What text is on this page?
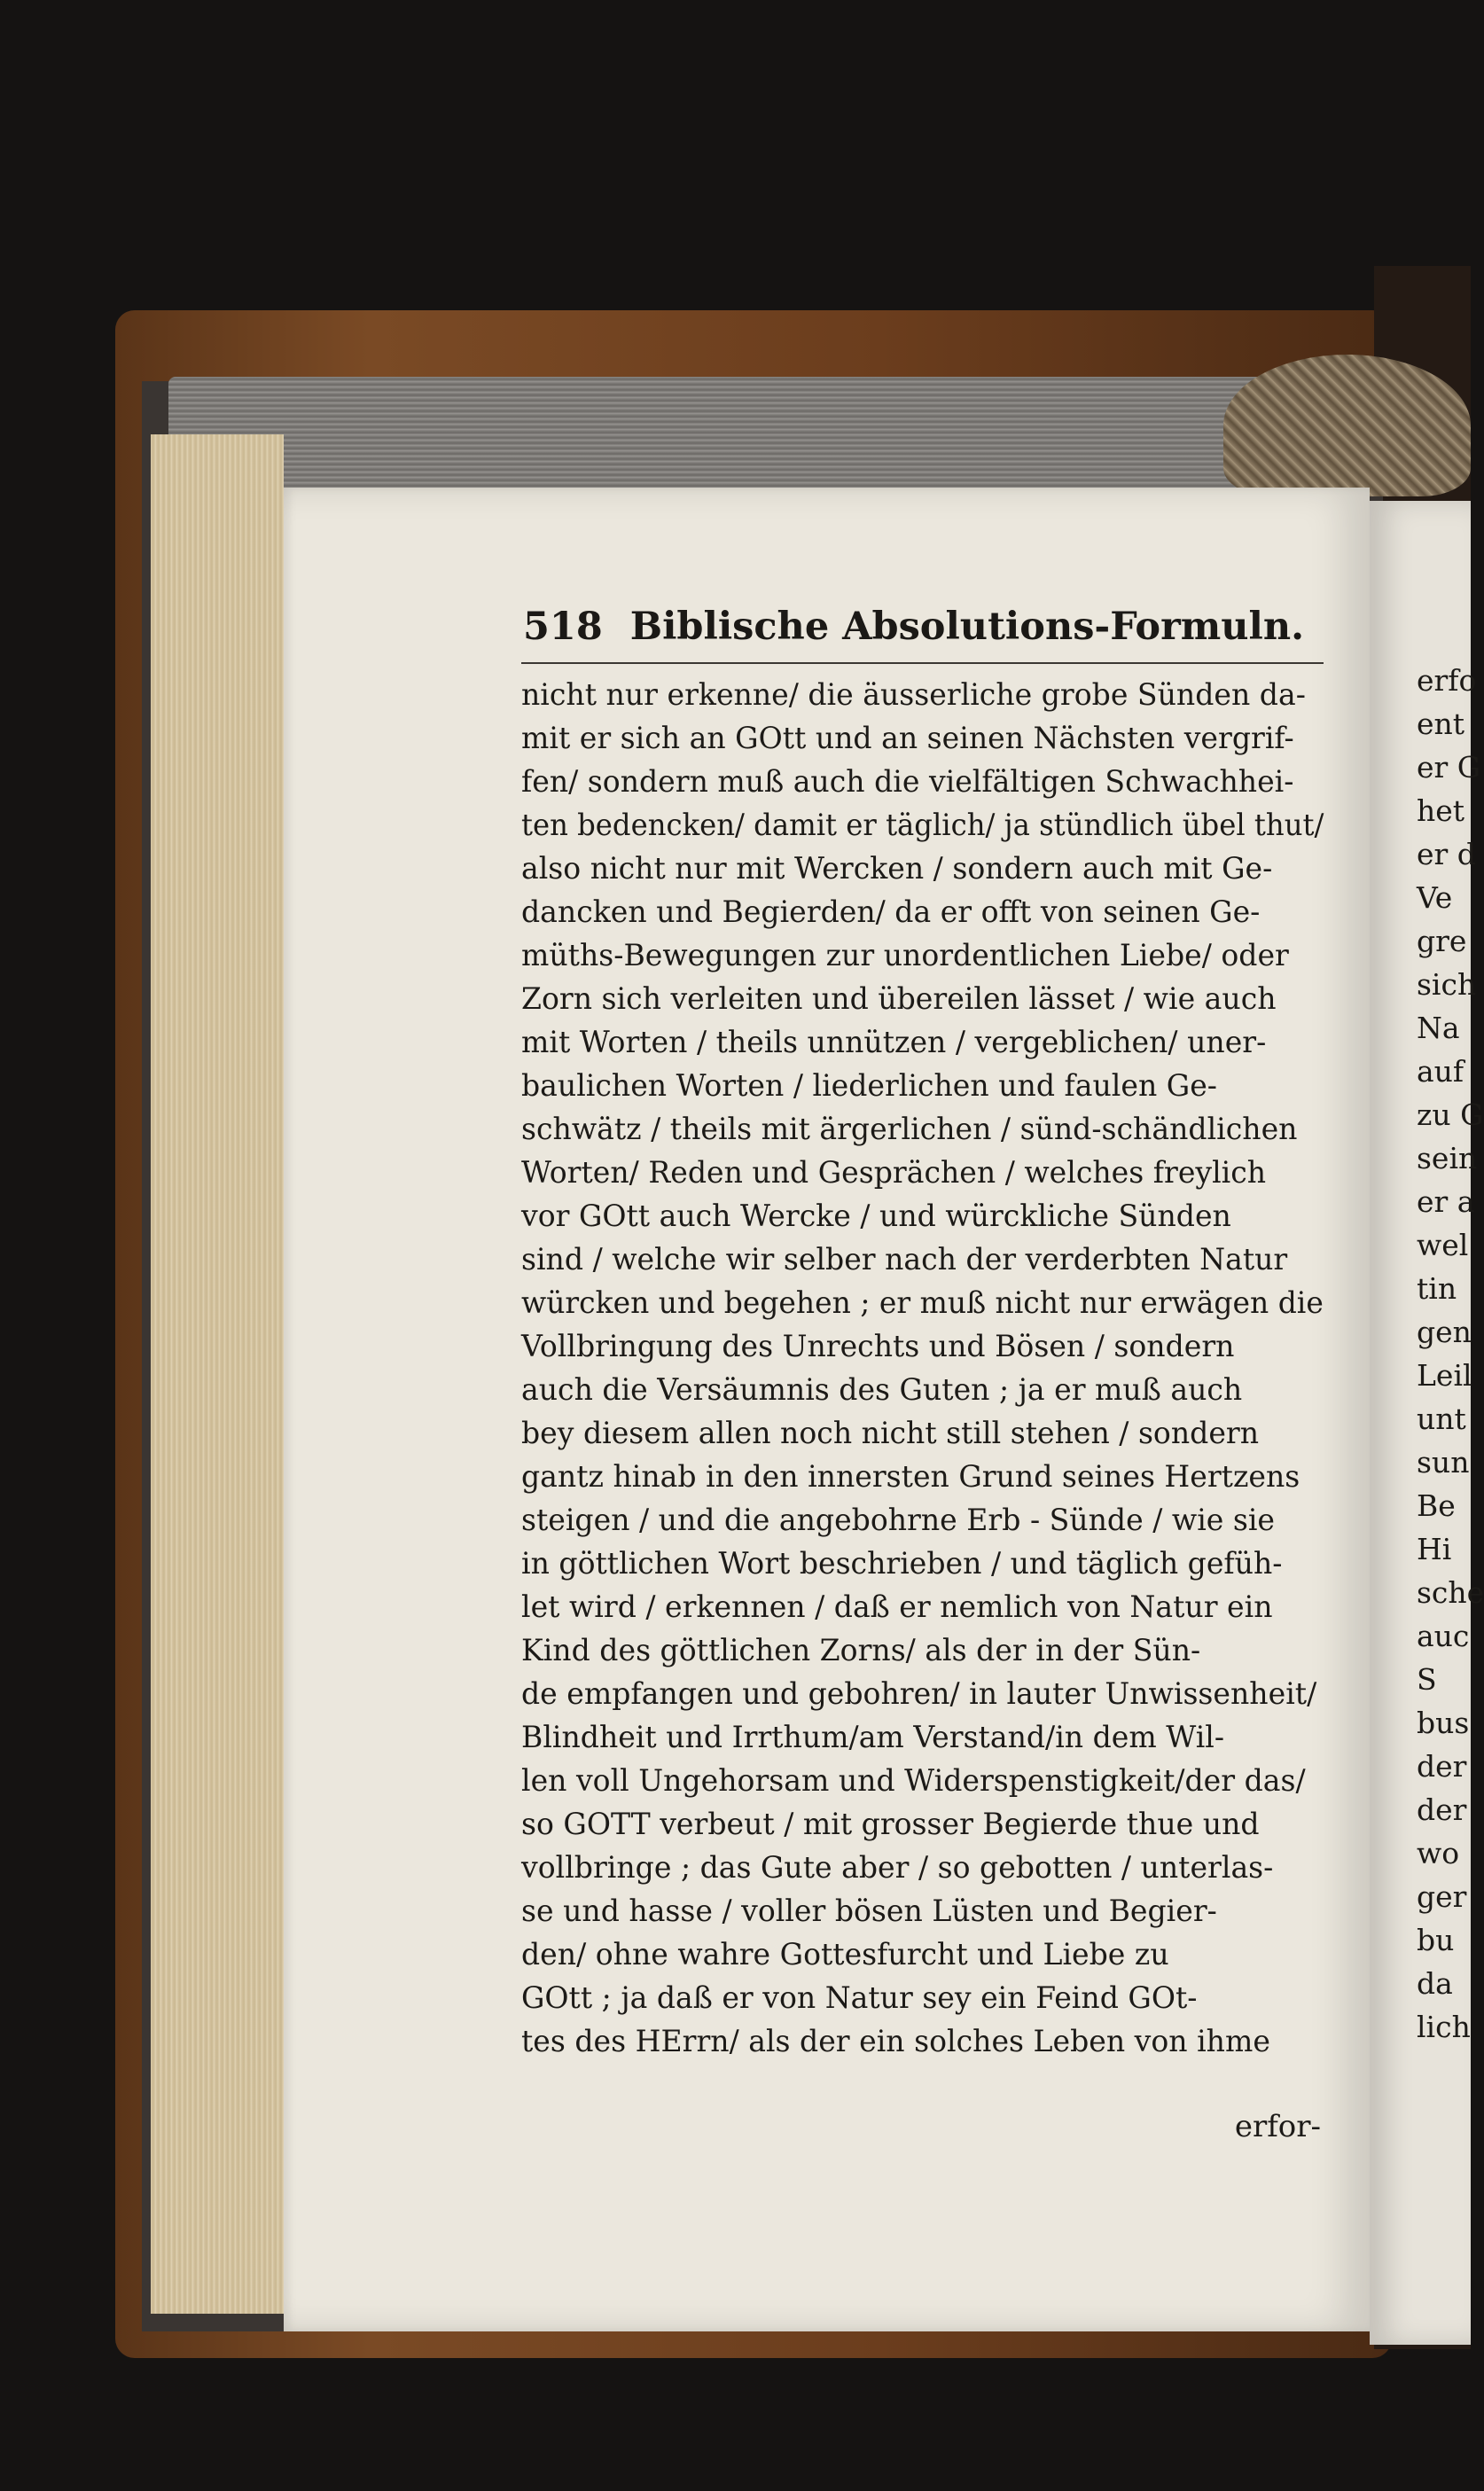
518 Biblische Absolutions-Formuln.
nicht nur erkenne/ die äusserliche grobe Sünden da-
mit er sich an GOtt und an seinen Nächsten vergrif-
fen/ sondern muß auch die vielfältigen Schwachhei-
ten bedencken/ damit er täglich/ ja stündlich übel thut/
also nicht nur mit Wercken / sondern auch mit Ge-
dancken und Begierden/ da er offt von seinen Ge-
müths-Bewegungen zur unordentlichen Liebe/ oder
Zorn sich verleiten und übereilen lässet / wie auch
mit Worten / theils unnützen / vergeblichen/ uner-
baulichen Worten / liederlichen und faulen Ge-
schwätz / theils mit ärgerlichen / sünd-schändlichen
Worten/ Reden und Gesprächen / welches freylich
vor GOtt auch Wercke / und würckliche Sünden
sind / welche wir selber nach der verderbten Natur
würcken und begehen ; er muß nicht nur erwägen die
Vollbringung des Unrechts und Bösen / sondern
auch die Versäumnis des Guten ; ja er muß auch
bey diesem allen noch nicht still stehen / sondern
gantz hinab in den innersten Grund seines Hertzens
steigen / und die angebohrne Erb - Sünde / wie sie
in göttlichen Wort beschrieben / und täglich gefüh-
let wird / erkennen / daß er nemlich von Natur ein
Kind des göttlichen Zorns/ als der in der Sün-
de empfangen und gebohren/ in lauter Unwissenheit/
Blindheit und Irrthum/am Verstand/in dem Wil-
len voll Ungehorsam und Widerspenstigkeit/der das/
so GOTT verbeut / mit grosser Begierde thue und
vollbringe ; das Gute aber / so gebotten / unterlas-
se und hasse / voller bösen Lüsten und Begier-
den/ ohne wahre Gottesfurcht und Liebe zu
GOtt ; ja daß er von Natur sey ein Feind GOt-
tes des HErrn/ als der ein solches Leben von ihme
erfor-
erfo
ent
er G
het
er d
Ve
gre
sich
Na
auf
zu G
sein
er a
wel
tin
gen
Leil
unt
sun
Be
Hi
sche
auc
S
bus
der
der
wo
ger
bu
da
lich
